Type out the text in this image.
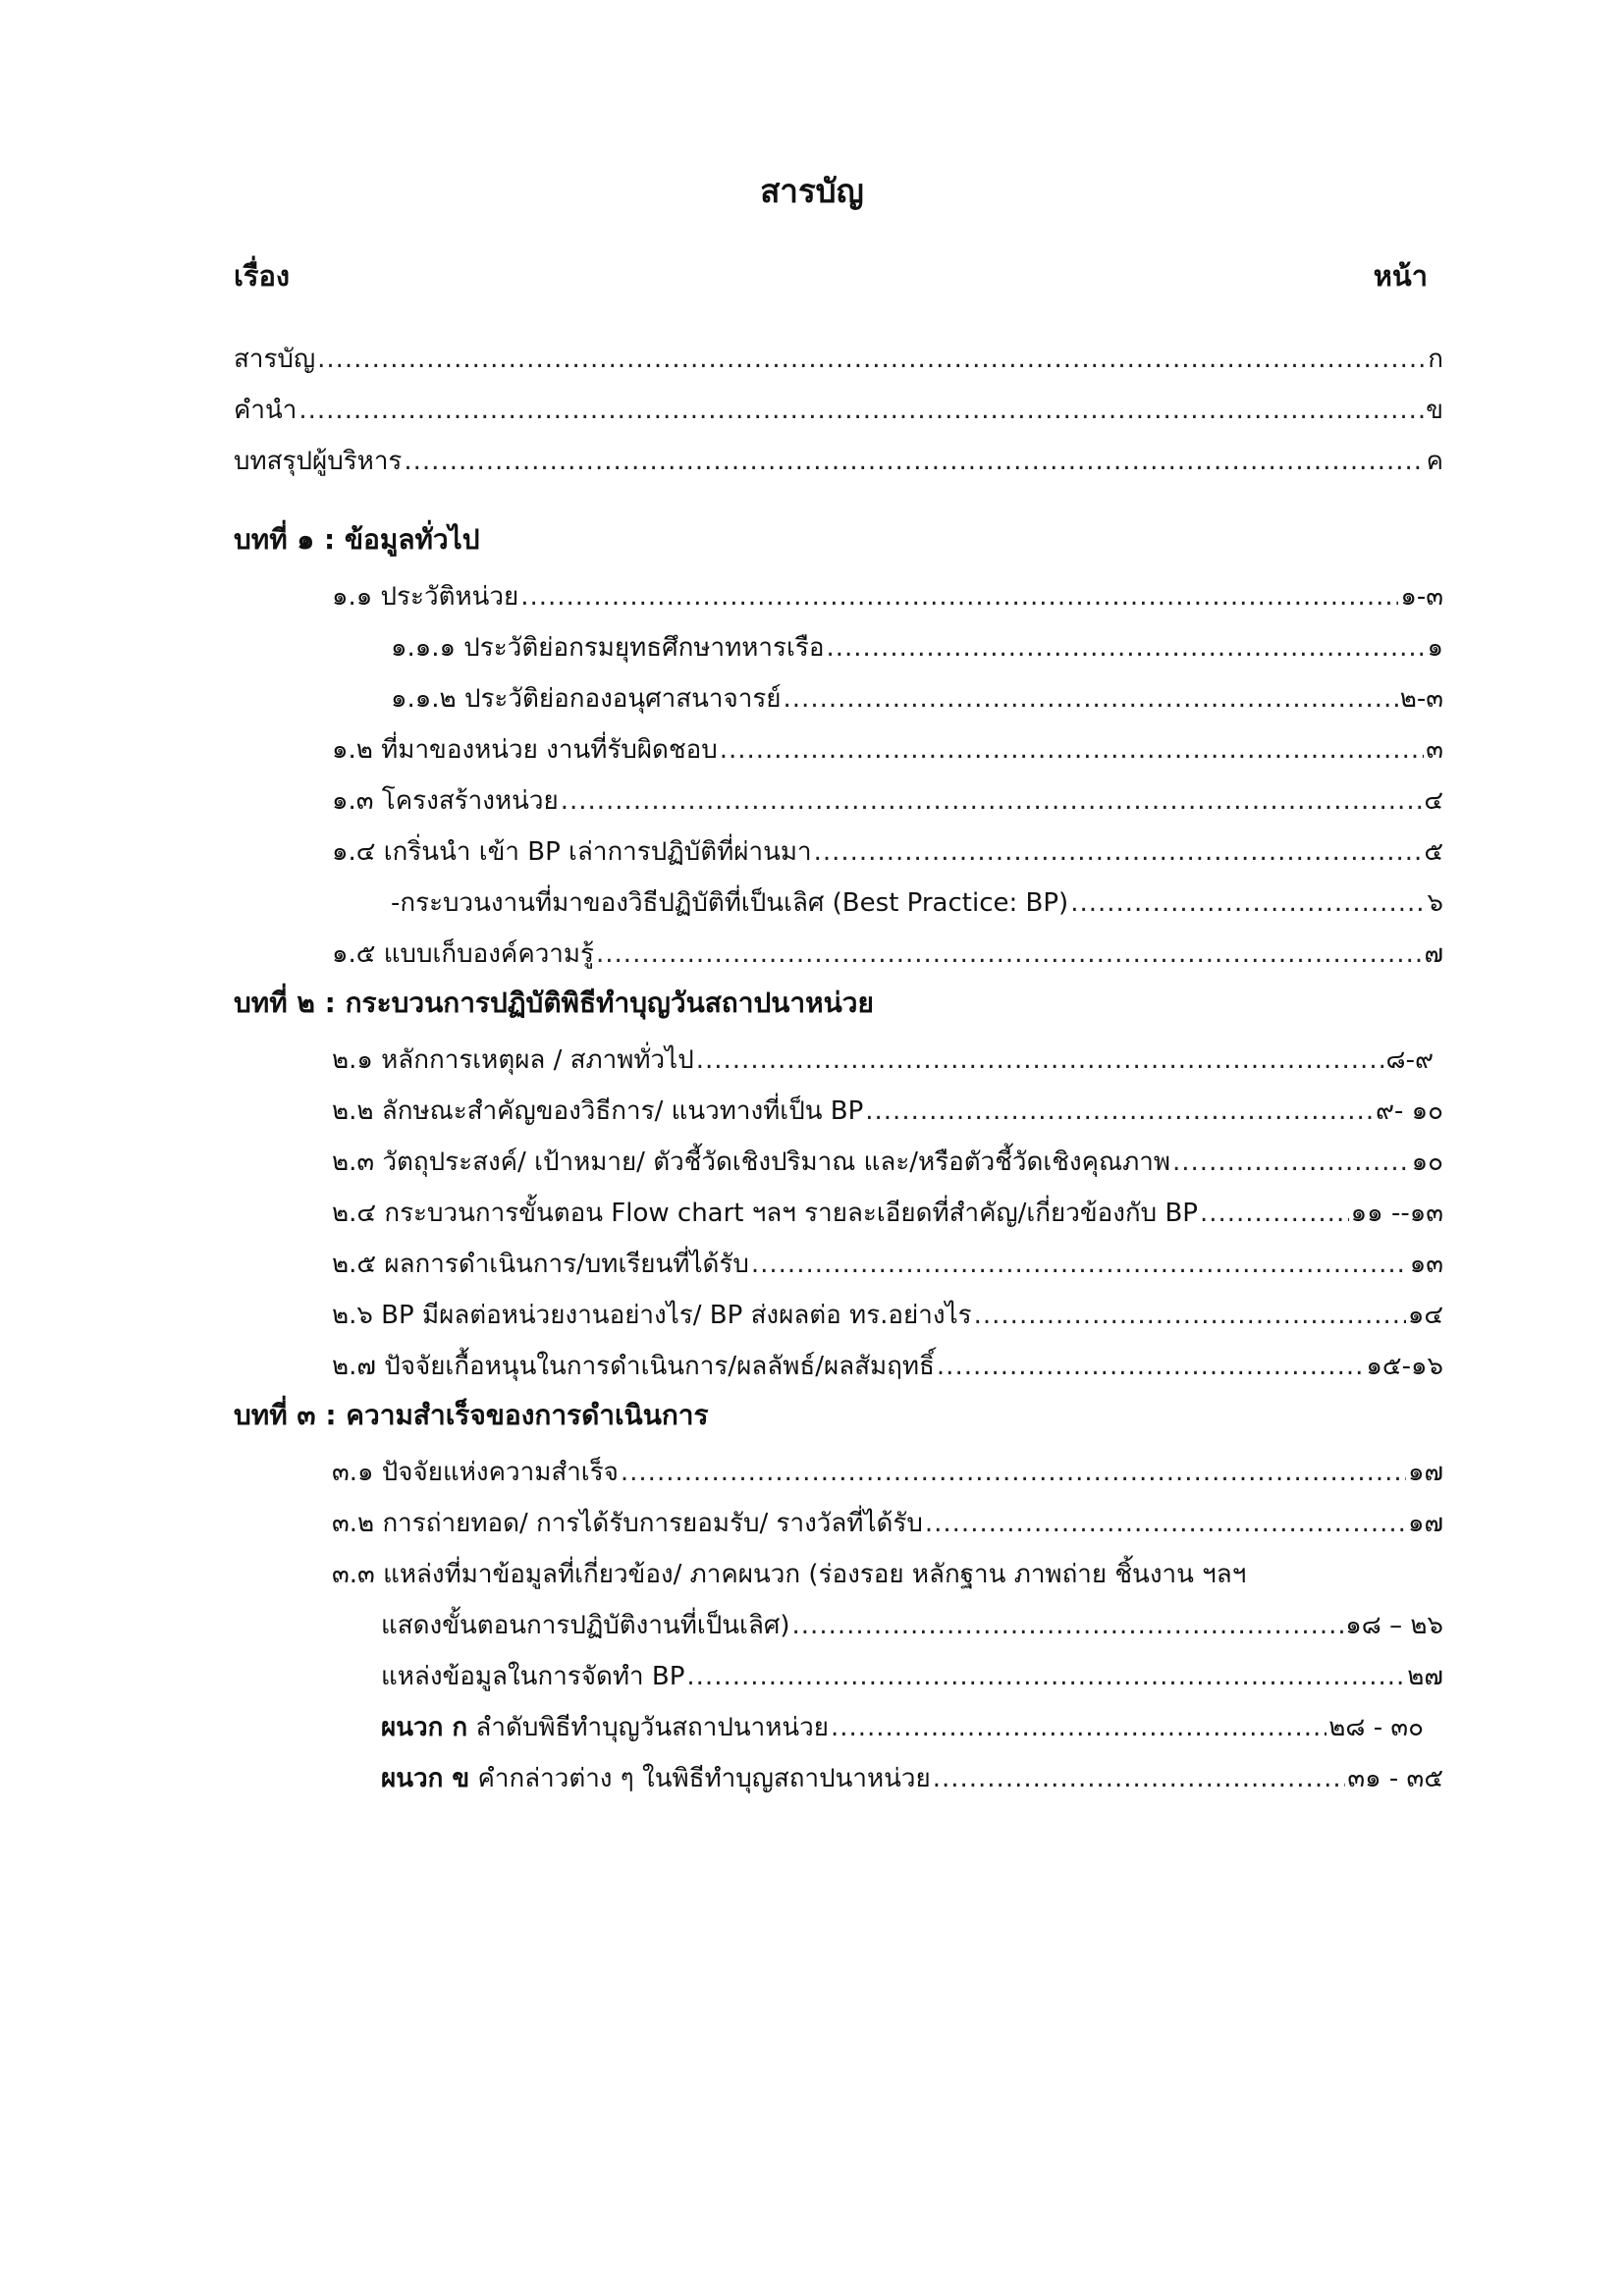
สารบัญ
เรื่อง	หน้า
สารบัญ .....	ก
คำนำ .....	ข
บทสรุปผู้บริหาร .....	ค
บทที่ ๑ : ข้อมูลทั่วไป
๑.๑ ประวัติหน่วย .....	๑-๓
๑.๑.๑ ประวัติย่อกรมยุทธศึกษาทหารเรือ .....	๑
๑.๑.๒ ประวัติย่อกองอนุศาสนาจารย์ .....	๒-๓
๑.๒ ที่มาของหน่วย งานที่รับผิดชอบ .....	๓
๑.๓ โครงสร้างหน่วย .....	๔
๑.๔ เกริ่นนำ เข้า BP เล่าการปฏิบัติที่ผ่านมา .....	๕
-กระบวนงานที่มาของวิธีปฏิบัติที่เป็นเลิศ (Best Practice: BP) .....	๖
๑.๕ แบบเก็บองค์ความรู้ .....	๗
บทที่ ๒ : กระบวนการปฏิบัติพิธีทำบุญวันสถาปนาหน่วย
๒.๑ หลักการเหตุผล / สภาพทั่วไป .....	๘-๙
๒.๒ ลักษณะสำคัญของวิธีการ/ แนวทางที่เป็น BP .....	๙- ๑๐
๒.๓ วัตถุประสงค์/ เป้าหมาย/ ตัวชี้วัดเชิงปริมาณ และ/หรือตัวชี้วัดเชิงคุณภาพ .....	๑๐
๒.๔ กระบวนการขั้นตอน Flow chart ฯลฯ รายละเอียดที่สำคัญ/เกี่ยวข้องกับ BP .....	๑๑ --๑๓
๒.๕ ผลการดำเนินการ/บทเรียนที่ได้รับ .....	๑๓
๒.๖ BP มีผลต่อหน่วยงานอย่างไร/ BP ส่งผลต่อ ทร.อย่างไร .....	๑๔
๒.๗ ปัจจัยเกื้อหนุนในการดำเนินการ/ผลลัพธ์/ผลสัมฤทธิ์ .....	๑๕-๑๖
บทที่ ๓ : ความสำเร็จของการดำเนินการ
๓.๑ ปัจจัยแห่งความสำเร็จ .....	๑๗
๓.๒ การถ่ายทอด/ การได้รับการยอมรับ/ รางวัลที่ได้รับ .....	๑๗
๓.๓ แหล่งที่มาข้อมูลที่เกี่ยวข้อง/ ภาคผนวก (ร่องรอย หลักฐาน ภาพถ่าย ชิ้นงาน ฯลฯ
แสดงขั้นตอนการปฏิบัติงานที่เป็นเลิศ) .....	๑๘ – ๒๖
แหล่งข้อมูลในการจัดทำ BP .....	๒๗
ผนวก ก ลำดับพิธีทำบุญวันสถาปนาหน่วย .....	๒๘ - ๓๐
ผนวก ข คำกล่าวต่าง ๆ ในพิธีทำบุญสถาปนาหน่วย .....	๓๑ - ๓๕
